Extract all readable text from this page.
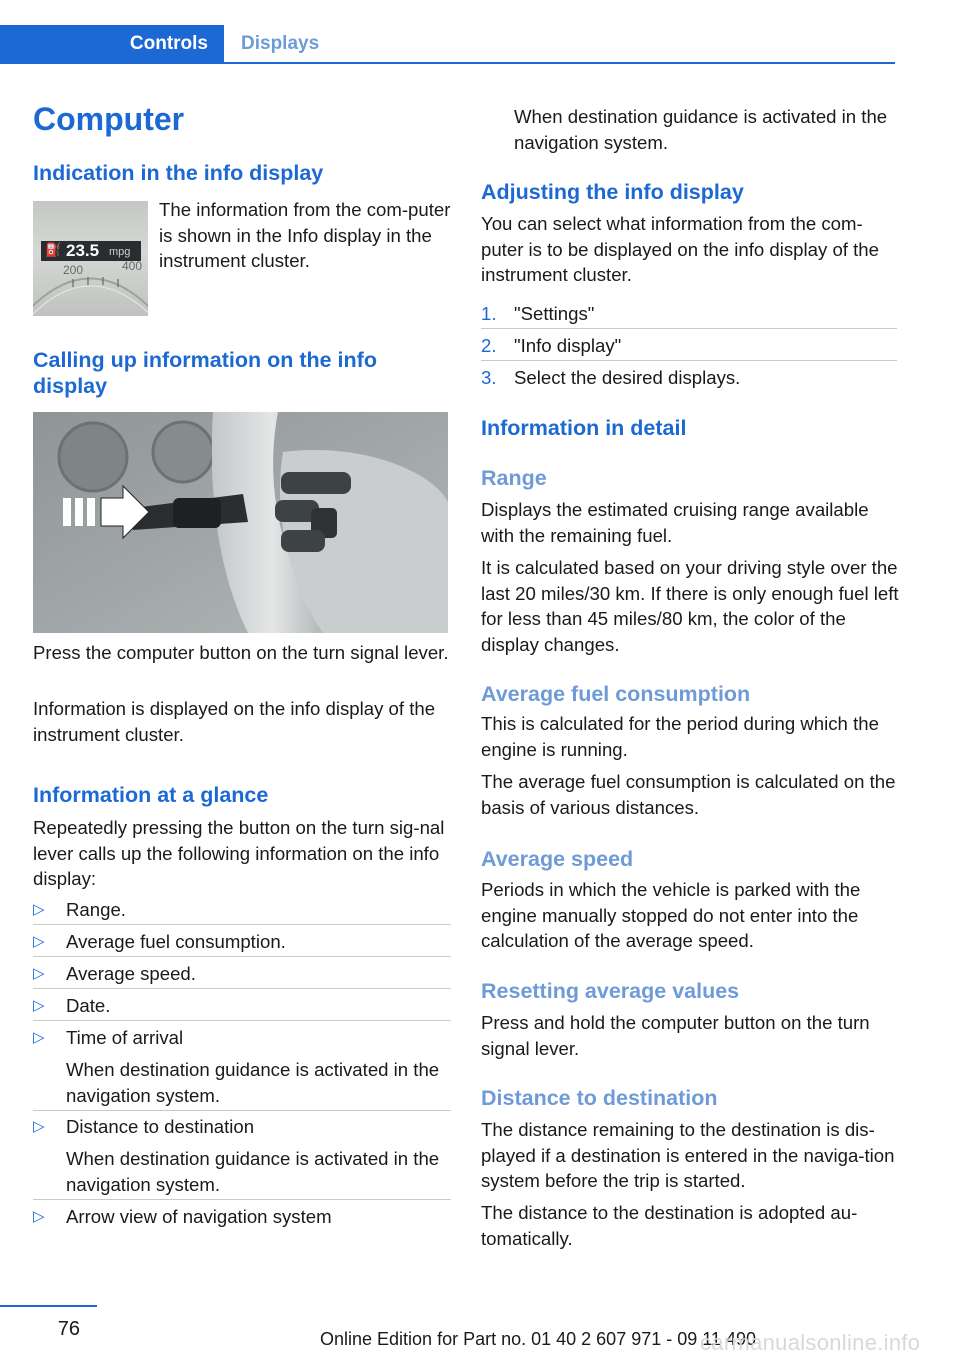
Controls	Displays
Computer
Indication in the info display
⛽ 23.5 mpg
200	400
The information from the com-puter is shown in the Info display in the instrument cluster.
Calling up information on the info display
Press the computer button on the turn signal lever.
Information is displayed on the info display of the instrument cluster.
Information at a glance
Repeatedly pressing the button on the turn sig-nal lever calls up the following information on the info display:
▷ Range.
▷ Average fuel consumption.
▷ Average speed.
▷ Date.
▷ Time of arrival
When destination guidance is activated in the navigation system.
▷ Distance to destination
When destination guidance is activated in the navigation system.
▷ Arrow view of navigation system
When destination guidance is activated in the navigation system.
Adjusting the info display
You can select what information from the com-puter is to be displayed on the info display of the instrument cluster.
1. "Settings"
2. "Info display"
3. Select the desired displays.
Information in detail
Range
Displays the estimated cruising range available with the remaining fuel.
It is calculated based on your driving style over the last 20 miles/30 km. If there is only enough fuel left for less than 45 miles/80 km, the color of the display changes.
Average fuel consumption
This is calculated for the period during which the engine is running.
The average fuel consumption is calculated on the basis of various distances.
Average speed
Periods in which the vehicle is parked with the engine manually stopped do not enter into the calculation of the average speed.
Resetting average values
Press and hold the computer button on the turn signal lever.
Distance to destination
The distance remaining to the destination is dis-played if a destination is entered in the naviga-tion system before the trip is started.
The distance to the destination is adopted au-tomatically.
76	Online Edition for Part no. 01 40 2 607 971 - 09 11 490
carmanualsonline.info
